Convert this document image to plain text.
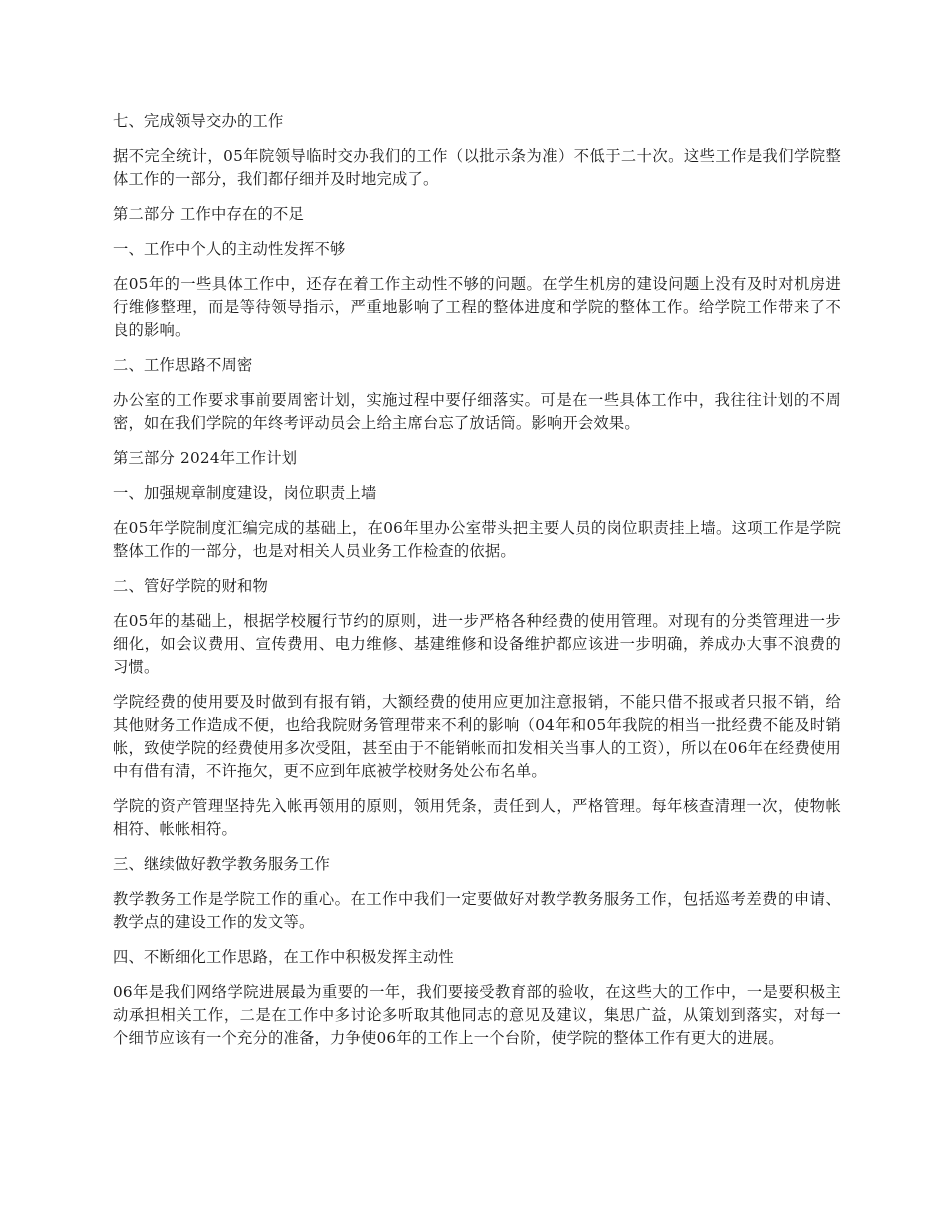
七、完成领导交办的工作

据不完全统计，05年院领导临时交办我们的工作（以批示条为准）不低于二十次。这些工作是我们学院整体工作的一部分，我们都仔细并及时地完成了。

第二部分 工作中存在的不足

一、工作中个人的主动性发挥不够

在05年的一些具体工作中，还存在着工作主动性不够的问题。在学生机房的建设问题上没有及时对机房进行维修整理，而是等待领导指示，严重地影响了工程的整体进度和学院的整体工作。给学院工作带来了不良的影响。

二、工作思路不周密

办公室的工作要求事前要周密计划，实施过程中要仔细落实。可是在一些具体工作中，我往往计划的不周密，如在我们学院的年终考评动员会上给主席台忘了放话筒。影响开会效果。

第三部分 2024年工作计划

一、加强规章制度建设，岗位职责上墙

在05年学院制度汇编完成的基础上，在06年里办公室带头把主要人员的岗位职责挂上墙。这项工作是学院整体工作的一部分，也是对相关人员业务工作检查的依据。

二、管好学院的财和物

在05年的基础上，根据学校履行节约的原则，进一步严格各种经费的使用管理。对现有的分类管理进一步细化，如会议费用、宣传费用、电力维修、基建维修和设备维护都应该进一步明确，养成办大事不浪费的习惯。

学院经费的使用要及时做到有报有销，大额经费的使用应更加注意报销，不能只借不报或者只报不销，给其他财务工作造成不便，也给我院财务管理带来不利的影响（04年和05年我院的相当一批经费不能及时销帐，致使学院的经费使用多次受阻，甚至由于不能销帐而扣发相关当事人的工资），所以在06年在经费使用中有借有清，不许拖欠，更不应到年底被学校财务处公布名单。

学院的资产管理坚持先入帐再领用的原则，领用凭条，责任到人，严格管理。每年核查清理一次，使物帐相符、帐帐相符。

三、继续做好教学教务服务工作

教学教务工作是学院工作的重心。在工作中我们一定要做好对教学教务服务工作，包括巡考差费的申请、教学点的建设工作的发文等。

四、不断细化工作思路，在工作中积极发挥主动性

06年是我们网络学院进展最为重要的一年，我们要接受教育部的验收，在这些大的工作中，一是要积极主动承担相关工作，二是在工作中多讨论多听取其他同志的意见及建议，集思广益，从策划到落实，对每一个细节应该有一个充分的准备，力争使06年的工作上一个台阶，使学院的整体工作有更大的进展。
